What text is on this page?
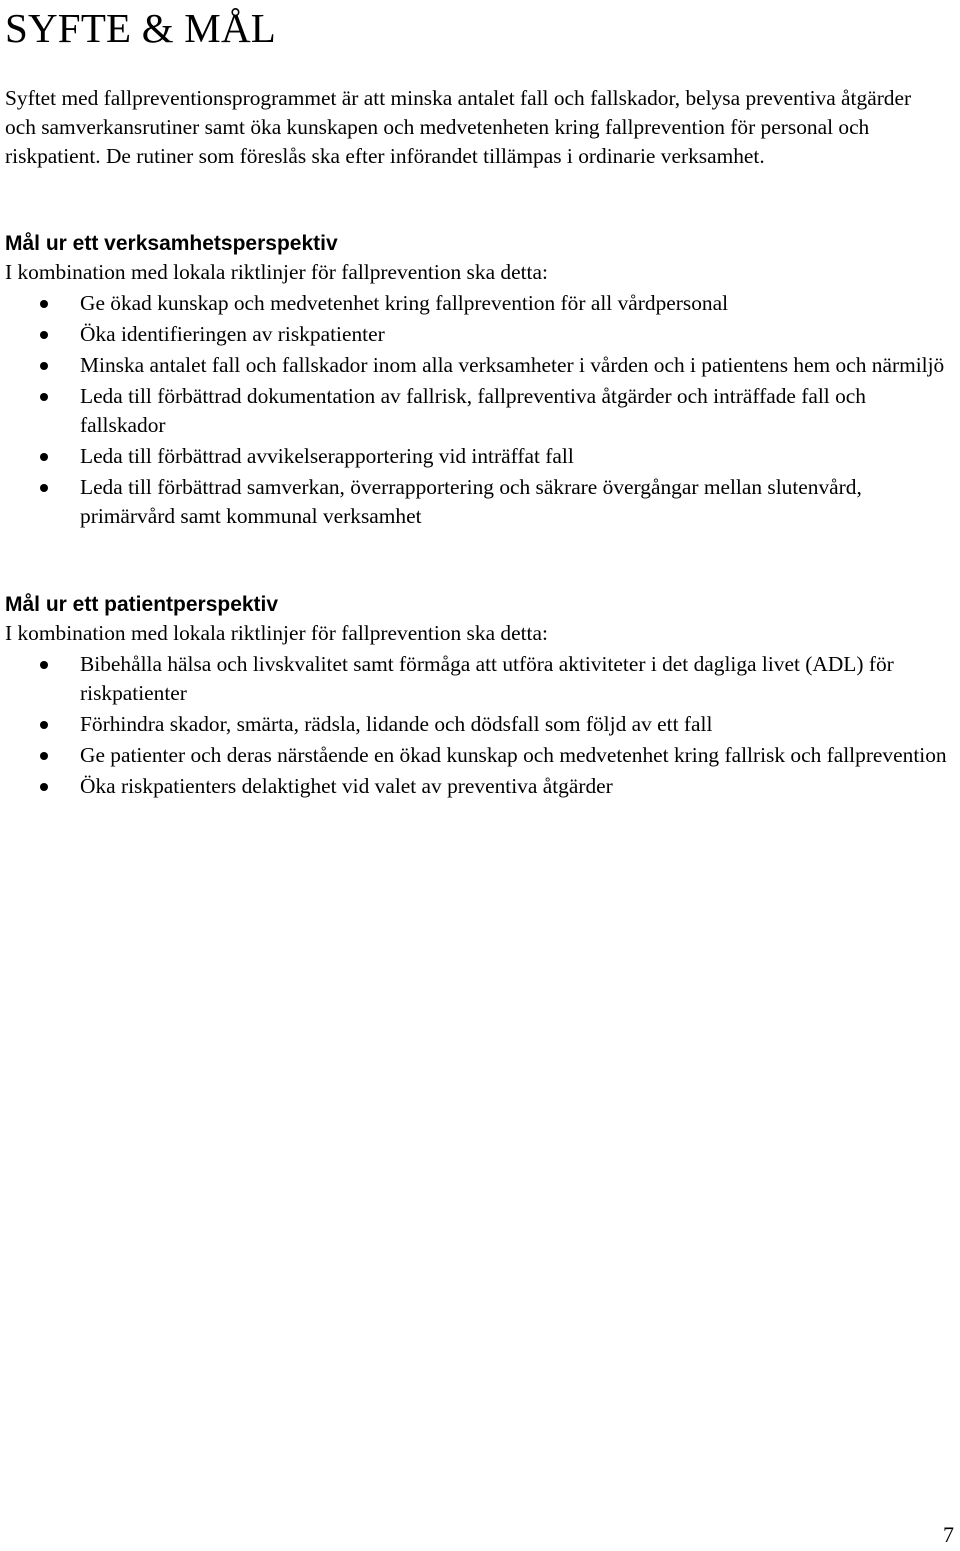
SYFTE & MÅL

Syftet med fallpreventionsprogrammet är att minska antalet fall och fallskador, belysa preventiva åtgärder och samverkansrutiner samt öka kunskapen och medvetenheten kring fallprevention för personal och riskpatient. De rutiner som föreslås ska efter införandet tillämpas i ordinarie verksamhet.

Mål ur ett verksamhetsperspektiv

I kombination med lokala riktlinjer för fallprevention ska detta:

Ge ökad kunskap och medvetenhet kring fallprevention för all vårdpersonal
Öka identifieringen av riskpatienter
Minska antalet fall och fallskador inom alla verksamheter i vården och i patientens hem och närmiljö
Leda till förbättrad dokumentation av fallrisk, fallpreventiva åtgärder och inträffade fall och fallskador
Leda till förbättrad avvikelserapportering vid inträffat fall
Leda till förbättrad samverkan, överrapportering och säkrare övergångar mellan slutenvård, primärvård samt kommunal verksamhet
Mål ur ett patientperspektiv

I kombination med lokala riktlinjer för fallprevention ska detta:

Bibehålla hälsa och livskvalitet samt förmåga att utföra aktiviteter i det dagliga livet (ADL) för riskpatienter
Förhindra skador, smärta, rädsla, lidande och dödsfall som följd av ett fall
Ge patienter och deras närstående en ökad kunskap och medvetenhet kring fallrisk och fallprevention
Öka riskpatienters delaktighet vid valet av preventiva åtgärder

7
